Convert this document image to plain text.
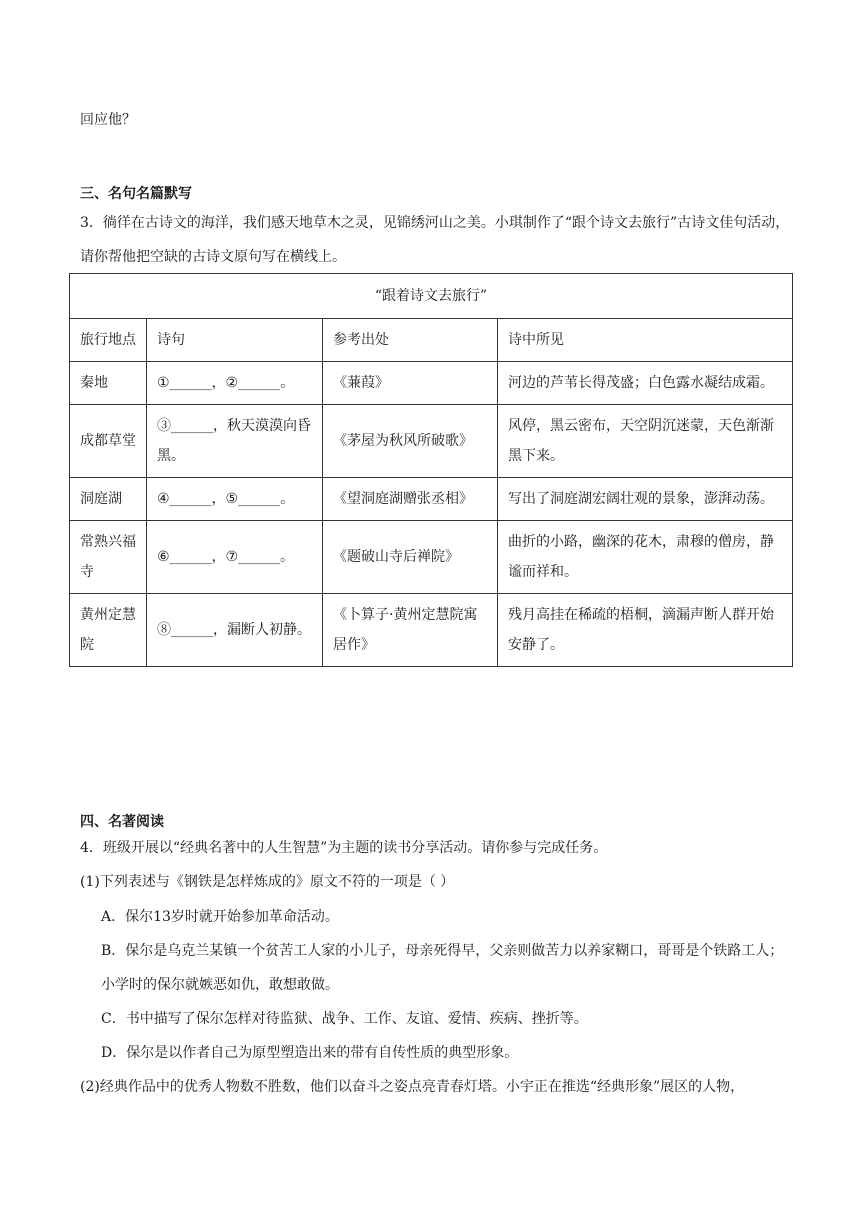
回应他？
三、名句名篇默写
3．徜徉在古诗文的海洋，我们感天地草木之灵，见锦绣河山之美。小琪制作了“跟个诗文去旅行”古诗文佳句活动，请你帮他把空缺的古诗文原句写在横线上。
“跟着诗文去旅行”			
旅行地点	诗句	参考出处	诗中所见
秦地	①______，②______。	《蒹葭》	河边的芦苇长得茂盛；白色露水凝结成霜。
成都草堂	③______，秋天漠漠向昏黑。	《茅屋为秋风所破歌》	风停，黑云密布，天空阴沉迷蒙，天色渐渐黑下来。
洞庭湖	④______，⑤______。	《望洞庭湖赠张丞相》	写出了洞庭湖宏阔壮观的景象，澎湃动荡。
常熟兴福寺	⑥______，⑦______。	《题破山寺后禅院》	曲折的小路，幽深的花木，肃穆的僧房，静谧而祥和。
黄州定慧院	⑧______，漏断人初静。	《卜算子·黄州定慧院寓居作》	残月高挂在稀疏的梧桐，滴漏声断人群开始安静了。
四、名著阅读
4．班级开展以“经典名著中的人生智慧”为主题的读书分享活动。请你参与完成任务。
(1)下列表述与《钢铁是怎样炼成的》原文不符的一项是（ ）
A．保尔13岁时就开始参加革命活动。
B．保尔是乌克兰某镇一个贫苦工人家的小儿子，母亲死得早，父亲则做苦力以养家糊口，哥哥是个铁路工人；小学时的保尔就嫉恶如仇，敢想敢做。
C．书中描写了保尔怎样对待监狱、战争、工作、友谊、爱情、疾病、挫折等。
D．保尔是以作者自己为原型塑造出来的带有自传性质的典型形象。
(2)经典作品中的优秀人物数不胜数，他们以奋斗之姿点亮青春灯塔。小宇正在推选“经典形象”展区的人物，
